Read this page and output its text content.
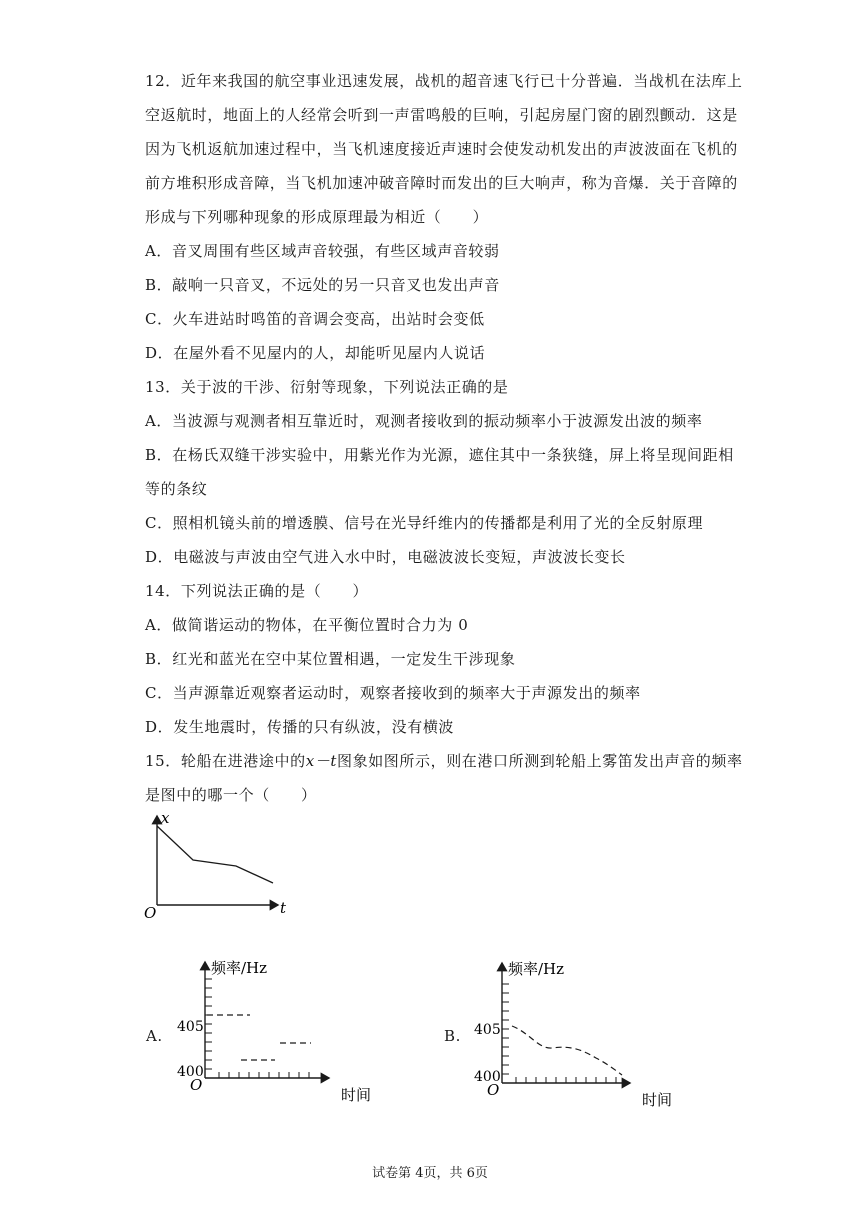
12．近年来我国的航空事业迅速发展，战机的超音速飞行已十分普遍．当战机在法库上
空返航时，地面上的人经常会听到一声雷鸣般的巨响，引起房屋门窗的剧烈颤动．这是
因为飞机返航加速过程中，当飞机速度接近声速时会使发动机发出的声波波面在飞机的
前方堆积形成音障，当飞机加速冲破音障时而发出的巨大响声，称为音爆．关于音障的
形成与下列哪种现象的形成原理最为相近（　　）
A．音叉周围有些区域声音较强，有些区域声音较弱
B．敲响一只音叉，不远处的另一只音叉也发出声音
C．火车进站时鸣笛的音调会变高，出站时会变低
D．在屋外看不见屋内的人，却能听见屋内人说话
13．关于波的干涉、衍射等现象，下列说法正确的是
A．当波源与观测者相互靠近时，观测者接收到的振动频率小于波源发出波的频率
B．在杨氏双缝干涉实验中，用紫光作为光源，遮住其中一条狭缝，屏上将呈现间距相
等的条纹
C．照相机镜头前的增透膜、信号在光导纤维内的传播都是利用了光的全反射原理
D．电磁波与声波由空气进入水中时，电磁波波长变短，声波波长变长
14．下列说法正确的是（　　）
A．做简谐运动的物体，在平衡位置时合力为 0
B．红光和蓝光在空中某位置相遇，一定发生干涉现象
C．当声源靠近观察者运动时，观察者接收到的频率大于声源发出的频率
D．发生地震时，传播的只有纵波，没有横波
15．轮船在进港途中的x－t图象如图所示，则在港口所测到轮船上雾笛发出声音的频率
是图中的哪一个（　　）
x
t
O
A.
频率/Hz
405
400
O
时间
B.
频率/Hz
405
400
O
时间
试卷第 4页，共 6页
